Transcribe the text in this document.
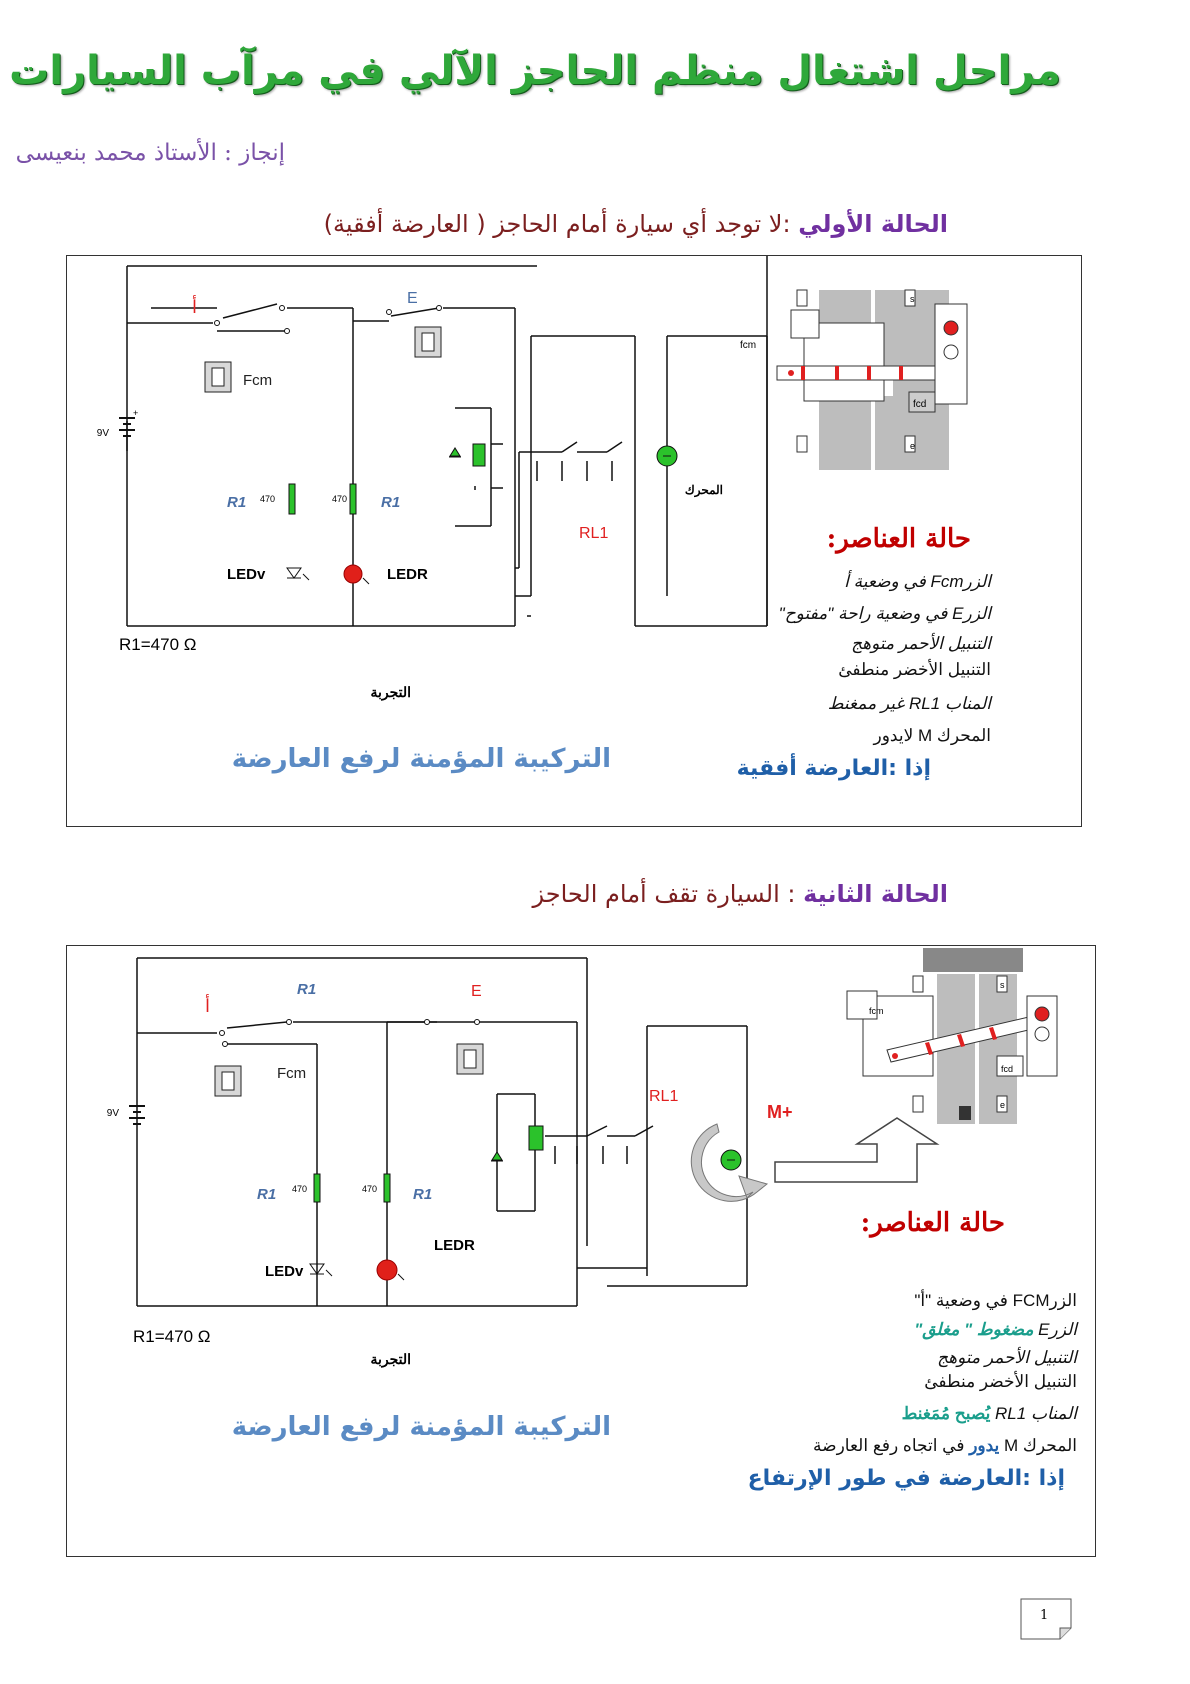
مراحل اشتغال منظم الحاجز الآلي في مرآب السيارات
إنجاز : الأستاذ محمد بنعيسى
الحالة الأولي :لا توجد أي سيارة أمام الحاجز ( العارضة أفقية)
9V
+
أ	E
Fcm
470	470
R1	R1
LEDv	LEDR
RL1
المحرك
R1=470 Ω
التجربة
fcm
fcd
s
e
حالة العناصر:
الزرFcm في وضعية أ
الزرE في وضعية راحة "مفتوح"
التنبيل الأحمر متوهج
التنبيل الأخضر منطفئ
المناب RL1 غير ممغنط
المحرك M لايدور
إذا :العارضة أفقية
التركيبة المؤمنة لرفع العارضة
الحالة الثانية : السيارة تقف أمام الحاجز
9V
أ
E
R1
Fcm
470	470
R1	R1
LEDv
LEDR
RL1
M+
R1=470 Ω
التجربة
fcm
fcd
s
e
حالة العناصر:
الزرFCM في وضعية "أ"
الزرE مضغوط " مغلق"
التنبيل الأحمر متوهج
التنبيل الأخضر منطفئ
المناب RL1 يُصبح مُمَغنط
المحرك M يدور في اتجاه رفع العارضة
إذا :العارضة في طور الإرتفاع
التركيبة المؤمنة لرفع العارضة
1
